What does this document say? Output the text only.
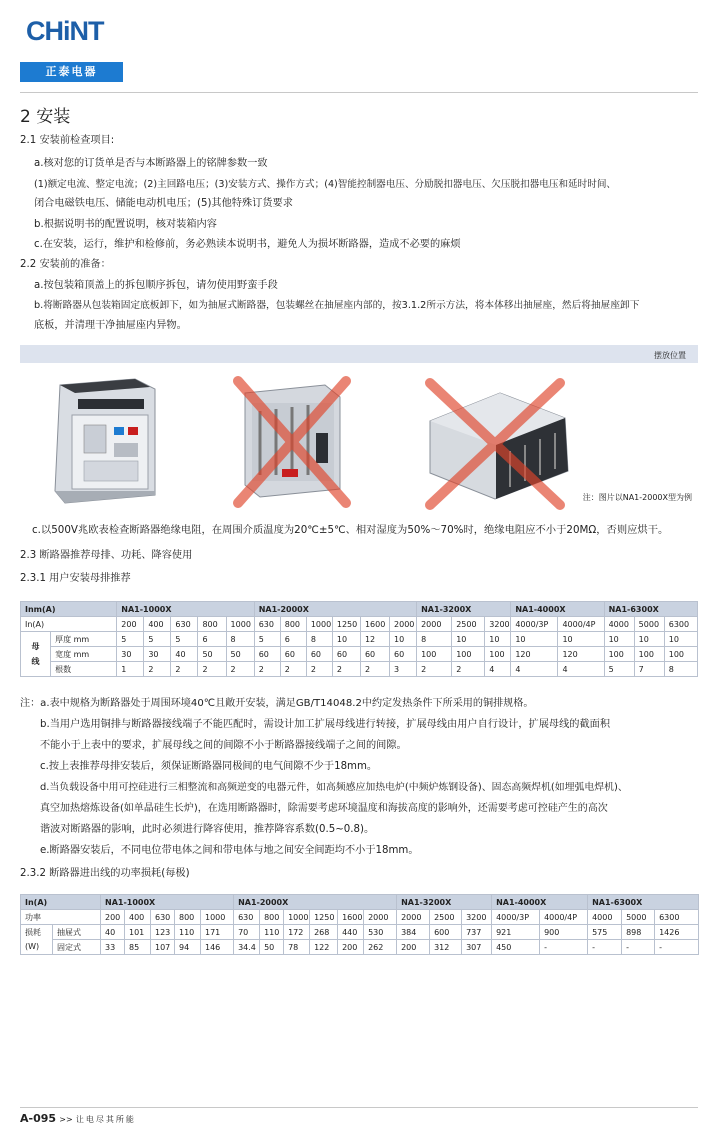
CHiNT
正泰电器
2 安装
2.1 安装前检查项目:
a.核对您的订货单是否与本断路器上的铭牌参数一致
(1)额定电流、整定电流；(2)主回路电压；(3)安装方式、操作方式；(4)智能控制器电压、分励脱扣器电压、欠压脱扣器电压和延时时间、
闭合电磁铁电压、储能电动机电压；(5)其他特殊订货要求
b.根据说明书的配置说明，核对装箱内容
c.在安装，运行，维护和检修前，务必熟读本说明书，避免人为损坏断路器，造成不必要的麻烦
2.2 安装前的准备：
a.按包装箱顶盖上的拆包顺序拆包，请勿使用野蛮手段
b.将断路器从包装箱固定底板卸下，如为抽屉式断路器，包装螺丝在抽屉座内部的，按3.1.2所示方法，将本体移出抽屉座，然后将抽屉座卸下
底板，并清理干净抽屉座内异物。
摆放位置
注：图片以NA1-2000X型为例
c.以500V兆欧表检查断路器绝缘电阻，在周围介质温度为20℃±5℃、相对湿度为50%～70%时，绝缘电阻应不小于20MΩ，否则应烘干。
2.3 断路器推荐母排、功耗、降容使用
2.3.1 用户安装母排推荐
Inm(A)		NA1-1000X					NA1-2000X						NA1-3200X			NA1-4000X		NA1-6300X		
In(A)		200	400	630	800	1000	630	800	1000	1250	1600	2000	2000	2500	3200	4000/3P	4000/4P	4000	5000	6300
母线	厚度 mm	5	5	5	6	8	5	6	8	10	12	10	8	10	10	10	10	10	10	10
	宽度 mm	30	30	40	50	50	60	60	60	60	60	60	100	100	100	120	120	100	100	100
	根数	1	2	2	2	2	2	2	2	2	2	3	2	2	4	4	4	5	7	8
注：a.表中规格为断路器处于周围环境40℃且敞开安装，满足GB/T14048.2中约定发热条件下所采用的铜排规格。
b.当用户选用铜排与断路器接线端子不能匹配时，需设计加工扩展母线进行转接，扩展母线由用户自行设计，扩展母线的截面积
不能小于上表中的要求，扩展母线之间的间隙不小于断路器接线端子之间的间隙。
c.按上表推荐母排安装后，须保证断路器同极间的电气间隙不少于18mm。
d.当负载设备中用可控硅进行三相整流和高频逆变的电器元件，如高频感应加热电炉(中频炉炼钢设备)、固态高频焊机(如埋弧电焊机)、
真空加热熔炼设备(如单晶硅生长炉)，在选用断路器时，除需要考虑环境温度和海拔高度的影响外，还需要考虑可控硅产生的高次
谐波对断路器的影响，此时必须进行降容使用，推荐降容系数(0.5~0.8)。
e.断路器安装后，不同电位带电体之间和带电体与地之间安全间距均不小于18mm。
2.3.2 断路器进出线的功率损耗(每极)
In(A)		NA1-1000X					NA1-2000X						NA1-3200X			NA1-4000X		NA1-6300X		
功率		200	400	630	800	1000	630	800	1000	1250	1600	2000	2000	2500	3200	4000/3P	4000/4P	4000	5000	6300
损耗	抽屉式	40	101	123	110	171	70	110	172	268	440	530	384	600	737	921	900	575	898	1426
(W)	固定式	33	85	107	94	146	34.4	50	78	122	200	262	200	312	307	450	-	-	-	-
A-095 >> 让电尽其所能
